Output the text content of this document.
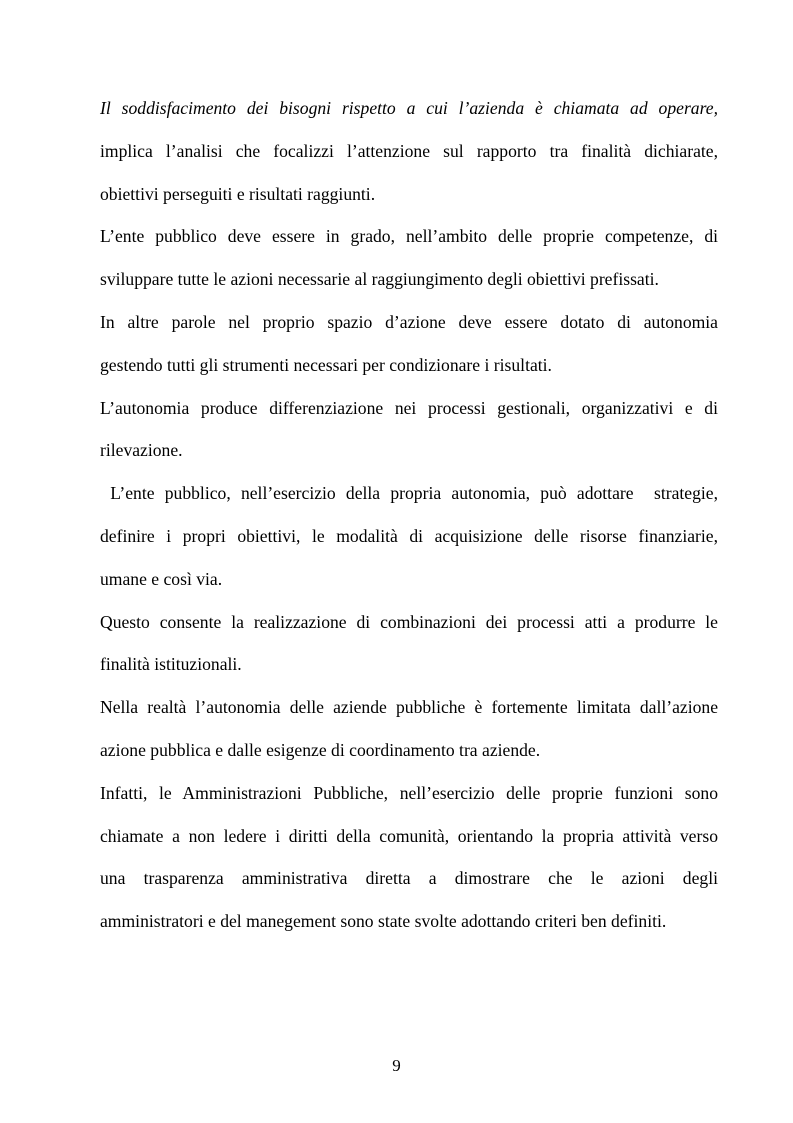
Il soddisfacimento dei bisogni rispetto a cui l’azienda è chiamata ad operare,
implica l’analisi che focalizzi l’attenzione sul rapporto tra finalità dichiarate,
obiettivi perseguiti e risultati raggiunti.
L’ente pubblico deve essere in grado, nell’ambito delle proprie competenze, di
sviluppare tutte le azioni necessarie al raggiungimento degli obiettivi prefissati.
In altre parole nel proprio spazio d’azione deve essere dotato di autonomia
gestendo tutti gli strumenti necessari per condizionare i risultati.
L’autonomia produce differenziazione nei processi gestionali, organizzativi e di
rilevazione.
L’ente pubblico, nell’esercizio della propria autonomia, può adottare  strategie,
definire i propri obiettivi, le modalità di acquisizione delle risorse finanziarie,
umane e così via.
Questo consente la realizzazione di combinazioni dei processi atti a produrre le
finalità istituzionali.
Nella realtà l’autonomia delle aziende pubbliche è fortemente limitata dall’azione
azione pubblica e dalle esigenze di coordinamento tra aziende.
Infatti, le Amministrazioni Pubbliche, nell’esercizio delle proprie funzioni sono
chiamate a non ledere i diritti della comunità, orientando la propria attività verso
una trasparenza amministrativa diretta a dimostrare che le azioni degli
amministratori e del manegement sono state svolte adottando criteri ben definiti.
9
